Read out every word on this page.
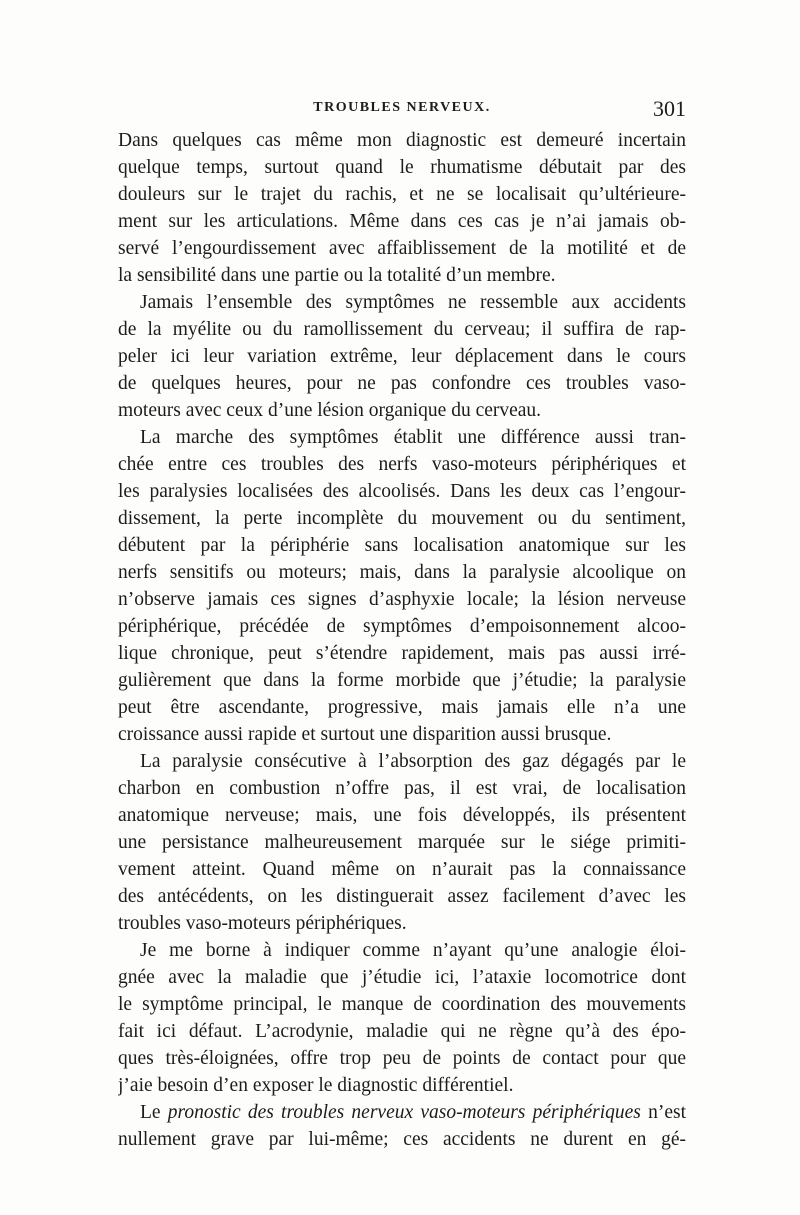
TROUBLES NERVEUX.	301
Dans quelques cas même mon diagnostic est demeuré incertain
quelque temps, surtout quand le rhumatisme débutait par des
douleurs sur le trajet du rachis, et ne se localisait qu’ultérieure-
ment sur les articulations. Même dans ces cas je n’ai jamais ob-
servé l’engourdissement avec affaiblissement de la motilité et de
la sensibilité dans une partie ou la totalité d’un membre.
Jamais l’ensemble des symptômes ne ressemble aux accidents
de la myélite ou du ramollissement du cerveau; il suffira de rap-
peler ici leur variation extrême, leur déplacement dans le cours
de quelques heures, pour ne pas confondre ces troubles vaso-
moteurs avec ceux d’une lésion organique du cerveau.
La marche des symptômes établit une différence aussi tran-
chée entre ces troubles des nerfs vaso-moteurs périphériques et
les paralysies localisées des alcoolisés. Dans les deux cas l’engour-
dissement, la perte incomplète du mouvement ou du sentiment,
débutent par la périphérie sans localisation anatomique sur les
nerfs sensitifs ou moteurs; mais, dans la paralysie alcoolique on
n’observe jamais ces signes d’asphyxie locale; la lésion nerveuse
périphérique, précédée de symptômes d’empoisonnement alcoo-
lique chronique, peut s’étendre rapidement, mais pas aussi irré-
gulièrement que dans la forme morbide que j’étudie; la paralysie
peut être ascendante, progressive, mais jamais elle n’a une
croissance aussi rapide et surtout une disparition aussi brusque.
La paralysie consécutive à l’absorption des gaz dégagés par le
charbon en combustion n’offre pas, il est vrai, de localisation
anatomique nerveuse; mais, une fois développés, ils présentent
une persistance malheureusement marquée sur le siége primiti-
vement atteint. Quand même on n’aurait pas la connaissance
des antécédents, on les distinguerait assez facilement d’avec les
troubles vaso-moteurs périphériques.
Je me borne à indiquer comme n’ayant qu’une analogie éloi-
gnée avec la maladie que j’étudie ici, l’ataxie locomotrice dont
le symptôme principal, le manque de coordination des mouvements
fait ici défaut. L’acrodynie, maladie qui ne règne qu’à des épo-
ques très-éloignées, offre trop peu de points de contact pour que
j’aie besoin d’en exposer le diagnostic différentiel.
Le pronostic des troubles nerveux vaso-moteurs périphériques n’est
nullement grave par lui-même; ces accidents ne durent en gé-
